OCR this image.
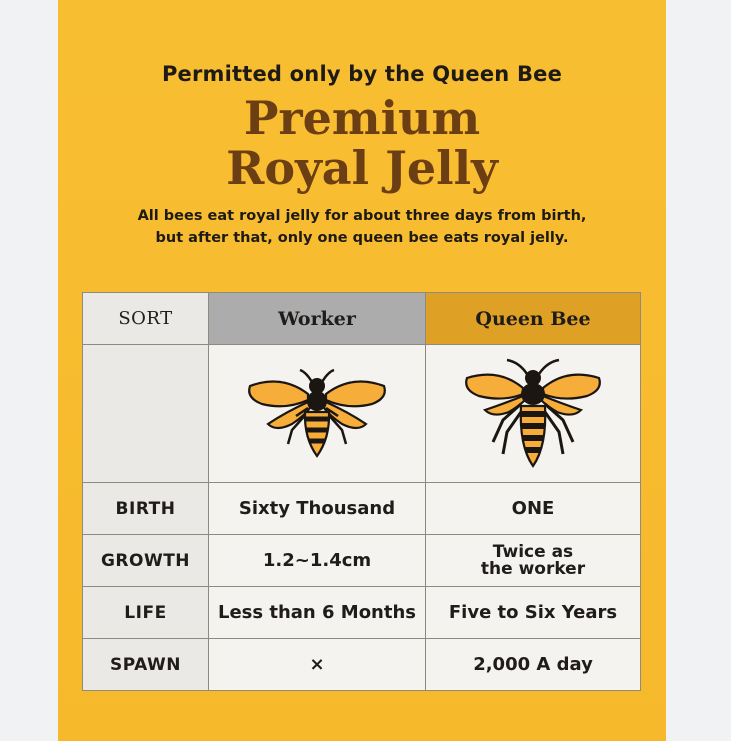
Permitted only by the Queen Bee
Premium
Royal Jelly
All bees eat royal jelly for about three days from birth,
but after that, only one queen bee eats royal jelly.
SORT	Worker	Queen Bee

BIRTH	Sixty Thousand	ONE
GROWTH	1.2~1.4cm	Twice as
the worker

LIFE	Less than 6 Months	Five to Six Years
SPAWN	×	2,000 A day
